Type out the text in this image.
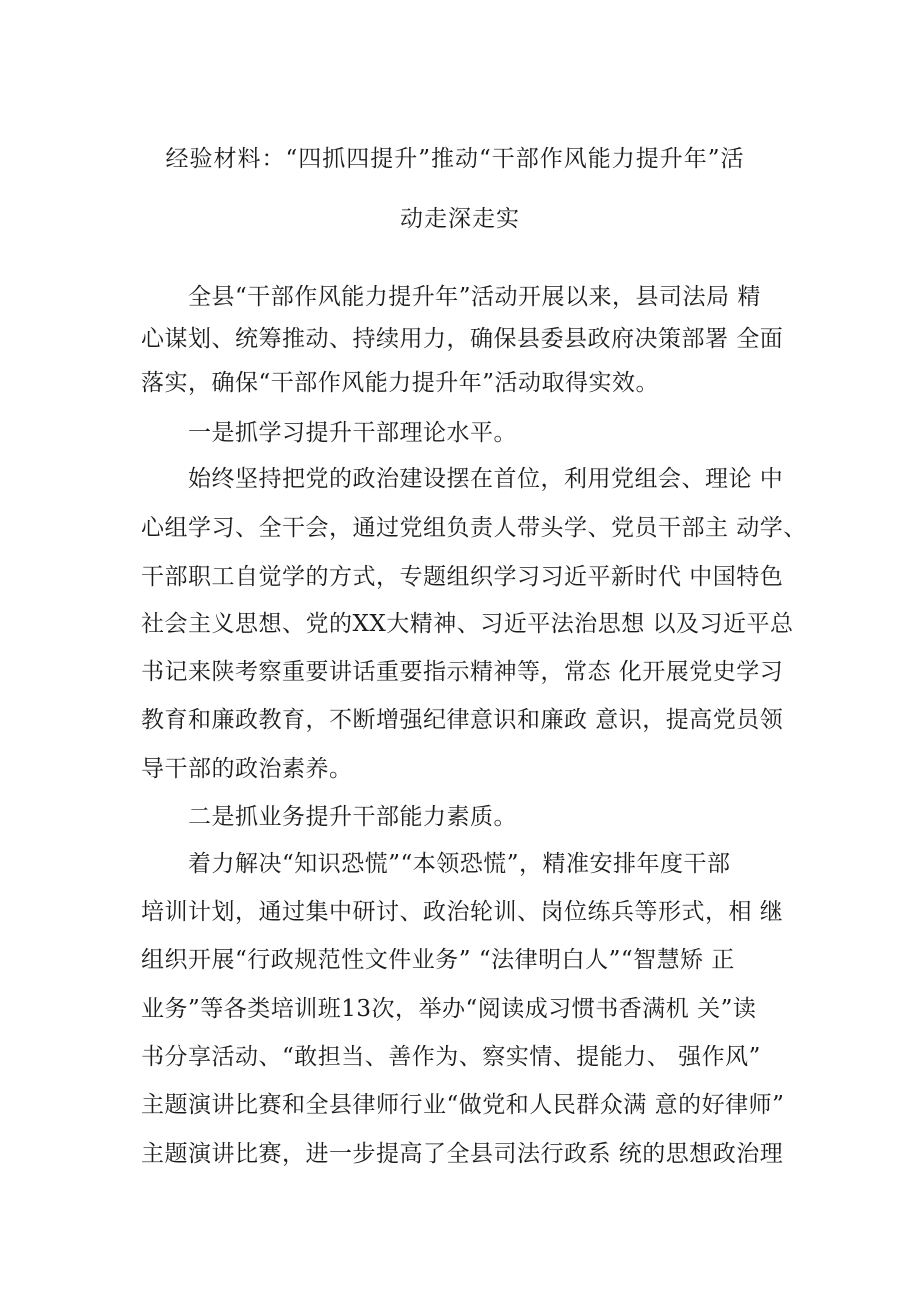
经验材料：“四抓四提升”推动“干部作风能力提升年”活
动走深走实
全县“干部作风能力提升年”活动开展以来，县司法局 精
心谋划、统筹推动、持续用力，确保县委县政府决策部署 全面
落实，确保“干部作风能力提升年”活动取得实效。
一是抓学习提升干部理论水平。
始终坚持把党的政治建设摆在首位，利用党组会、理论 中
心组学习、全干会，通过党组负责人带头学、党员干部主 动学、
干部职工自觉学的方式，专题组织学习习近平新时代 中国特色
社会主义思想、党的XX大精神、习近平法治思想 以及习近平总
书记来陕考察重要讲话重要指示精神等，常态 化开展党史学习
教育和廉政教育，不断增强纪律意识和廉政 意识，提高党员领
导干部的政治素养。
二是抓业务提升干部能力素质。
着力解决“知识恐慌”“本领恐慌”，精准安排年度干部
培训计划，通过集中研讨、政治轮训、岗位练兵等形式，相 继
组织开展“行政规范性文件业务” “法律明白人”“智慧矫 正
业务”等各类培训班13次，举办“阅读成习惯书香满机 关”读
书分享活动、“敢担当、善作为、察实情、提能力、 强作风”
主题演讲比赛和全县律师行业“做党和人民群众满 意的好律师”
主题演讲比赛，进一步提高了全县司法行政系 统的思想政治理
